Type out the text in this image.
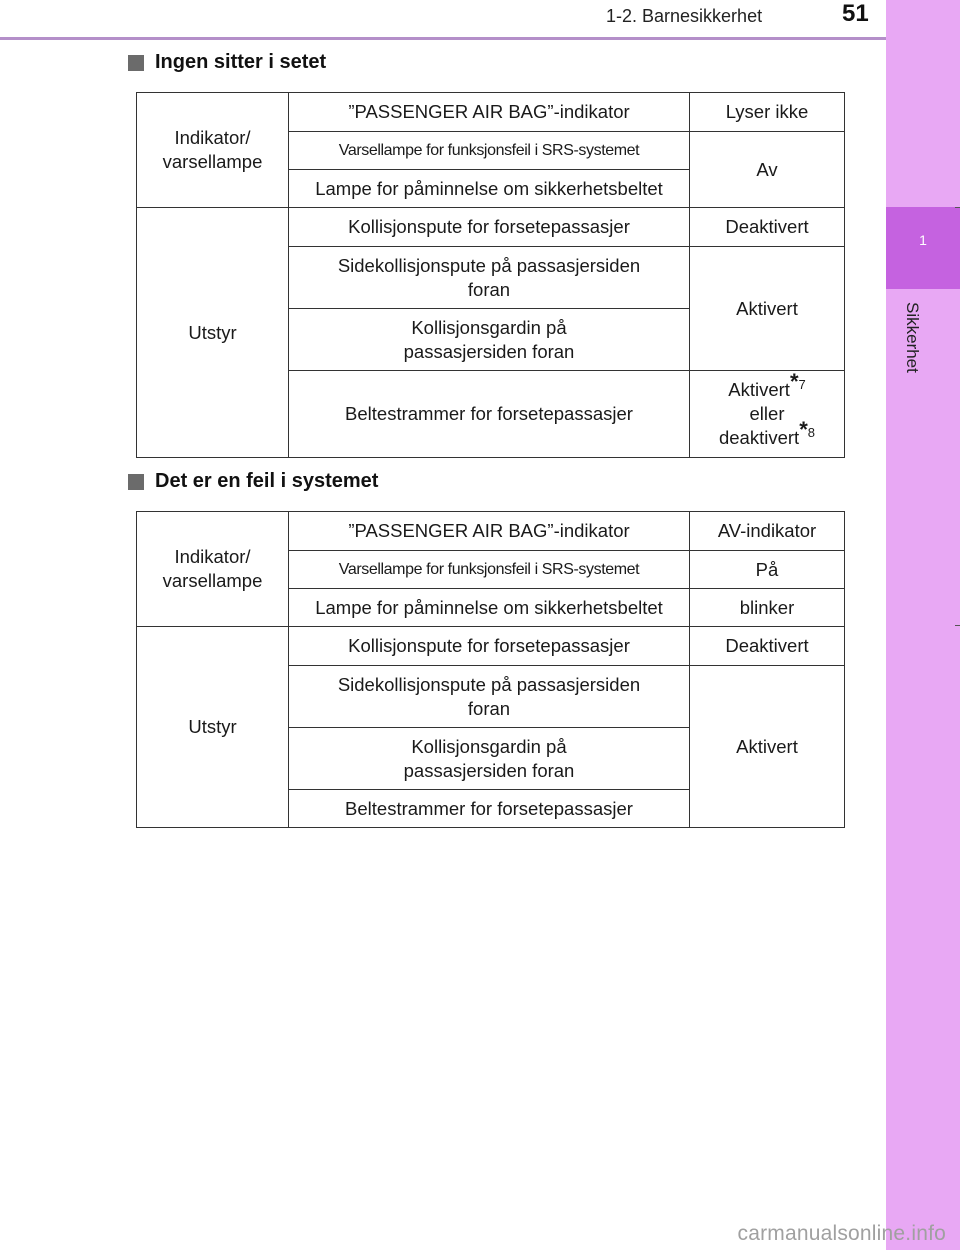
1-2. Barnesikkerhet	51
1
Sikkerhet
Ingen sitter i setet
Indikator/
varsellampe	”PASSENGER AIR BAG”-indikator	Lyser ikke
	Varsellampe for funksjonsfeil i SRS-systemet	Av
	Lampe for påminnelse om sikkerhetsbeltet	
Utstyr	Kollisjonspute for forsetepassasjer	Deaktivert
	Sidekollisjonspute på passasjersiden
foran	Aktivert
	Kollisjonsgardin på
passasjersiden foran	
	Beltestrammer for forsetepassasjer	Aktivert*$^7$
eller
deaktivert*$^8$
Det er en feil i systemet
Indikator/
varsellampe	”PASSENGER AIR BAG”-indikator	AV-indikator
	Varsellampe for funksjonsfeil i SRS-systemet	På
	Lampe for påminnelse om sikkerhetsbeltet	blinker
Utstyr	Kollisjonspute for forsetepassasjer	Deaktivert
	Sidekollisjonspute på passasjersiden
foran	Aktivert
	Kollisjonsgardin på
passasjersiden foran	
	Beltestrammer for forsetepassasjer	
carmanualsonline.info
